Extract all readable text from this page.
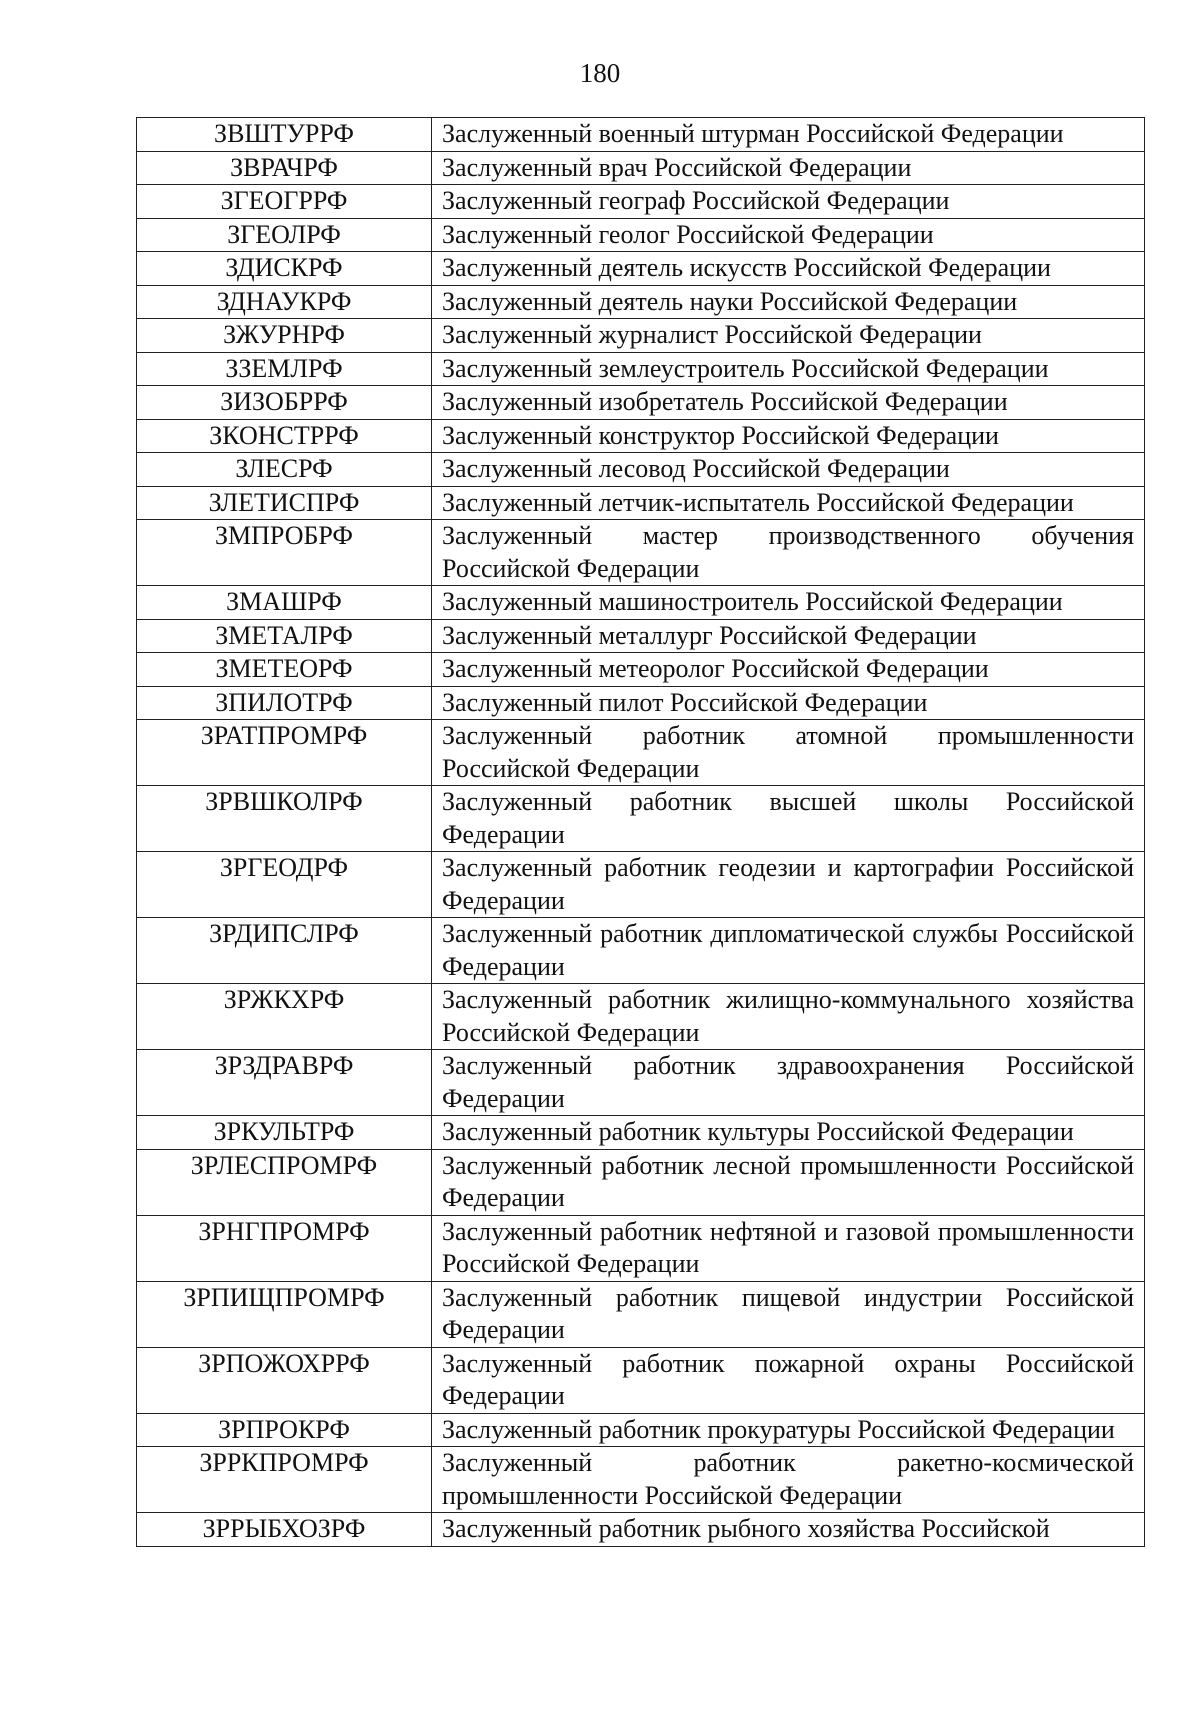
180
ЗВШТУРРФ	Заслуженный военный штурман Российской Федерации
ЗВРАЧРФ	Заслуженный врач Российской Федерации
ЗГЕОГРРФ	Заслуженный географ Российской Федерации
ЗГЕОЛРФ	Заслуженный геолог Российской Федерации
ЗДИСКРФ	Заслуженный деятель искусств Российской Федерации
ЗДНАУКРФ	Заслуженный деятель науки Российской Федерации
ЗЖУРНРФ	Заслуженный журналист Российской Федерации
ЗЗЕМЛРФ	Заслуженный землеустроитель Российской Федерации
ЗИЗОБРРФ	Заслуженный изобретатель Российской Федерации
ЗКОНСТРРФ	Заслуженный конструктор Российской Федерации
ЗЛЕСРФ	Заслуженный лесовод Российской Федерации
ЗЛЕТИСПРФ	Заслуженный летчик-испытатель Российской Федерации
ЗМПРОБРФ	Заслуженный мастер производственного обучения Российской Федерации
ЗМАШРФ	Заслуженный машиностроитель Российской Федерации
ЗМЕТАЛРФ	Заслуженный металлург Российской Федерации
ЗМЕТЕОРФ	Заслуженный метеоролог Российской Федерации
ЗПИЛОТРФ	Заслуженный пилот Российской Федерации
ЗРАТПРОМРФ	Заслуженный работник атомной промышленности Российской Федерации
ЗРВШКОЛРФ	Заслуженный работник высшей школы Российской Федерации
ЗРГЕОДРФ	Заслуженный работник геодезии и картографии Российской Федерации
ЗРДИПСЛРФ	Заслуженный работник дипломатической службы Российской Федерации
ЗРЖКХРФ	Заслуженный работник жилищно-коммунального хозяйства Российской Федерации
ЗРЗДРАВРФ	Заслуженный работник здравоохранения Российской Федерации
ЗРКУЛЬТРФ	Заслуженный работник культуры Российской Федерации
ЗРЛЕСПРОМРФ	Заслуженный работник лесной промышленности Российской Федерации
ЗРНГПРОМРФ	Заслуженный работник нефтяной и газовой промышленности Российской Федерации
ЗРПИЩПРОМРФ	Заслуженный работник пищевой индустрии Российской Федерации
ЗРПОЖОХРРФ	Заслуженный работник пожарной охраны Российской Федерации
ЗРПРОКРФ	Заслуженный работник прокуратуры Российской Федерации
ЗРРКПРОМРФ	Заслуженный работник ракетно-космической промышленности Российской Федерации
ЗРРЫБХОЗРФ	Заслуженный работник рыбного хозяйства Российской
